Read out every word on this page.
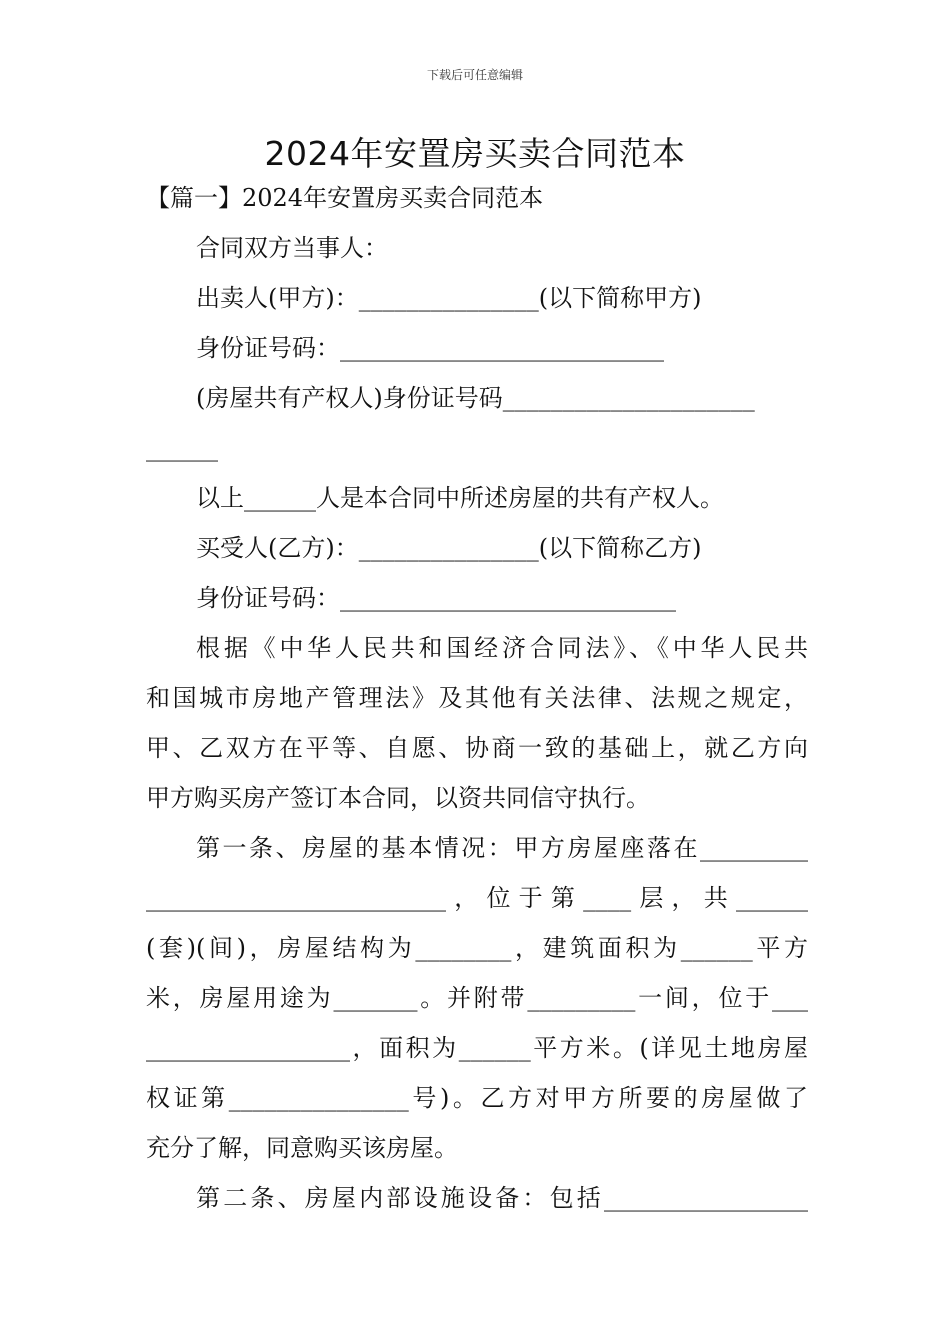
下载后可任意编辑
2024年安置房买卖合同范本
【篇一】2024年安置房买卖合同范本
合同双方当事人：
出卖人(甲方)：_______________(以下简称甲方)
身份证号码：___________________________
(房屋共有产权人)身份证号码_____________________
______
以上______人是本合同中所述房屋的共有产权人。
买受人(乙方)：_______________(以下简称乙方)
身份证号码：____________________________
根据《中华人民共和国经济合同法》、《中华人民共
和国城市房地产管理法》及其他有关法律、法规之规定，
甲、乙双方在平等、自愿、协商一致的基础上，就乙方向
甲方购买房产签订本合同，以资共同信守执行。
第一条、房屋的基本情况：甲方房屋座落在_________
_________________________，位于第____层，共______
(套)(间)，房屋结构为________，建筑面积为______平方
米，房屋用途为_______。并附带_________一间，位于___
_________________，面积为______平方米。(详见土地房屋
权证第_______________号)。乙方对甲方所要的房屋做了
充分了解，同意购买该房屋。
第二条、房屋内部设施设备：包括_________________
